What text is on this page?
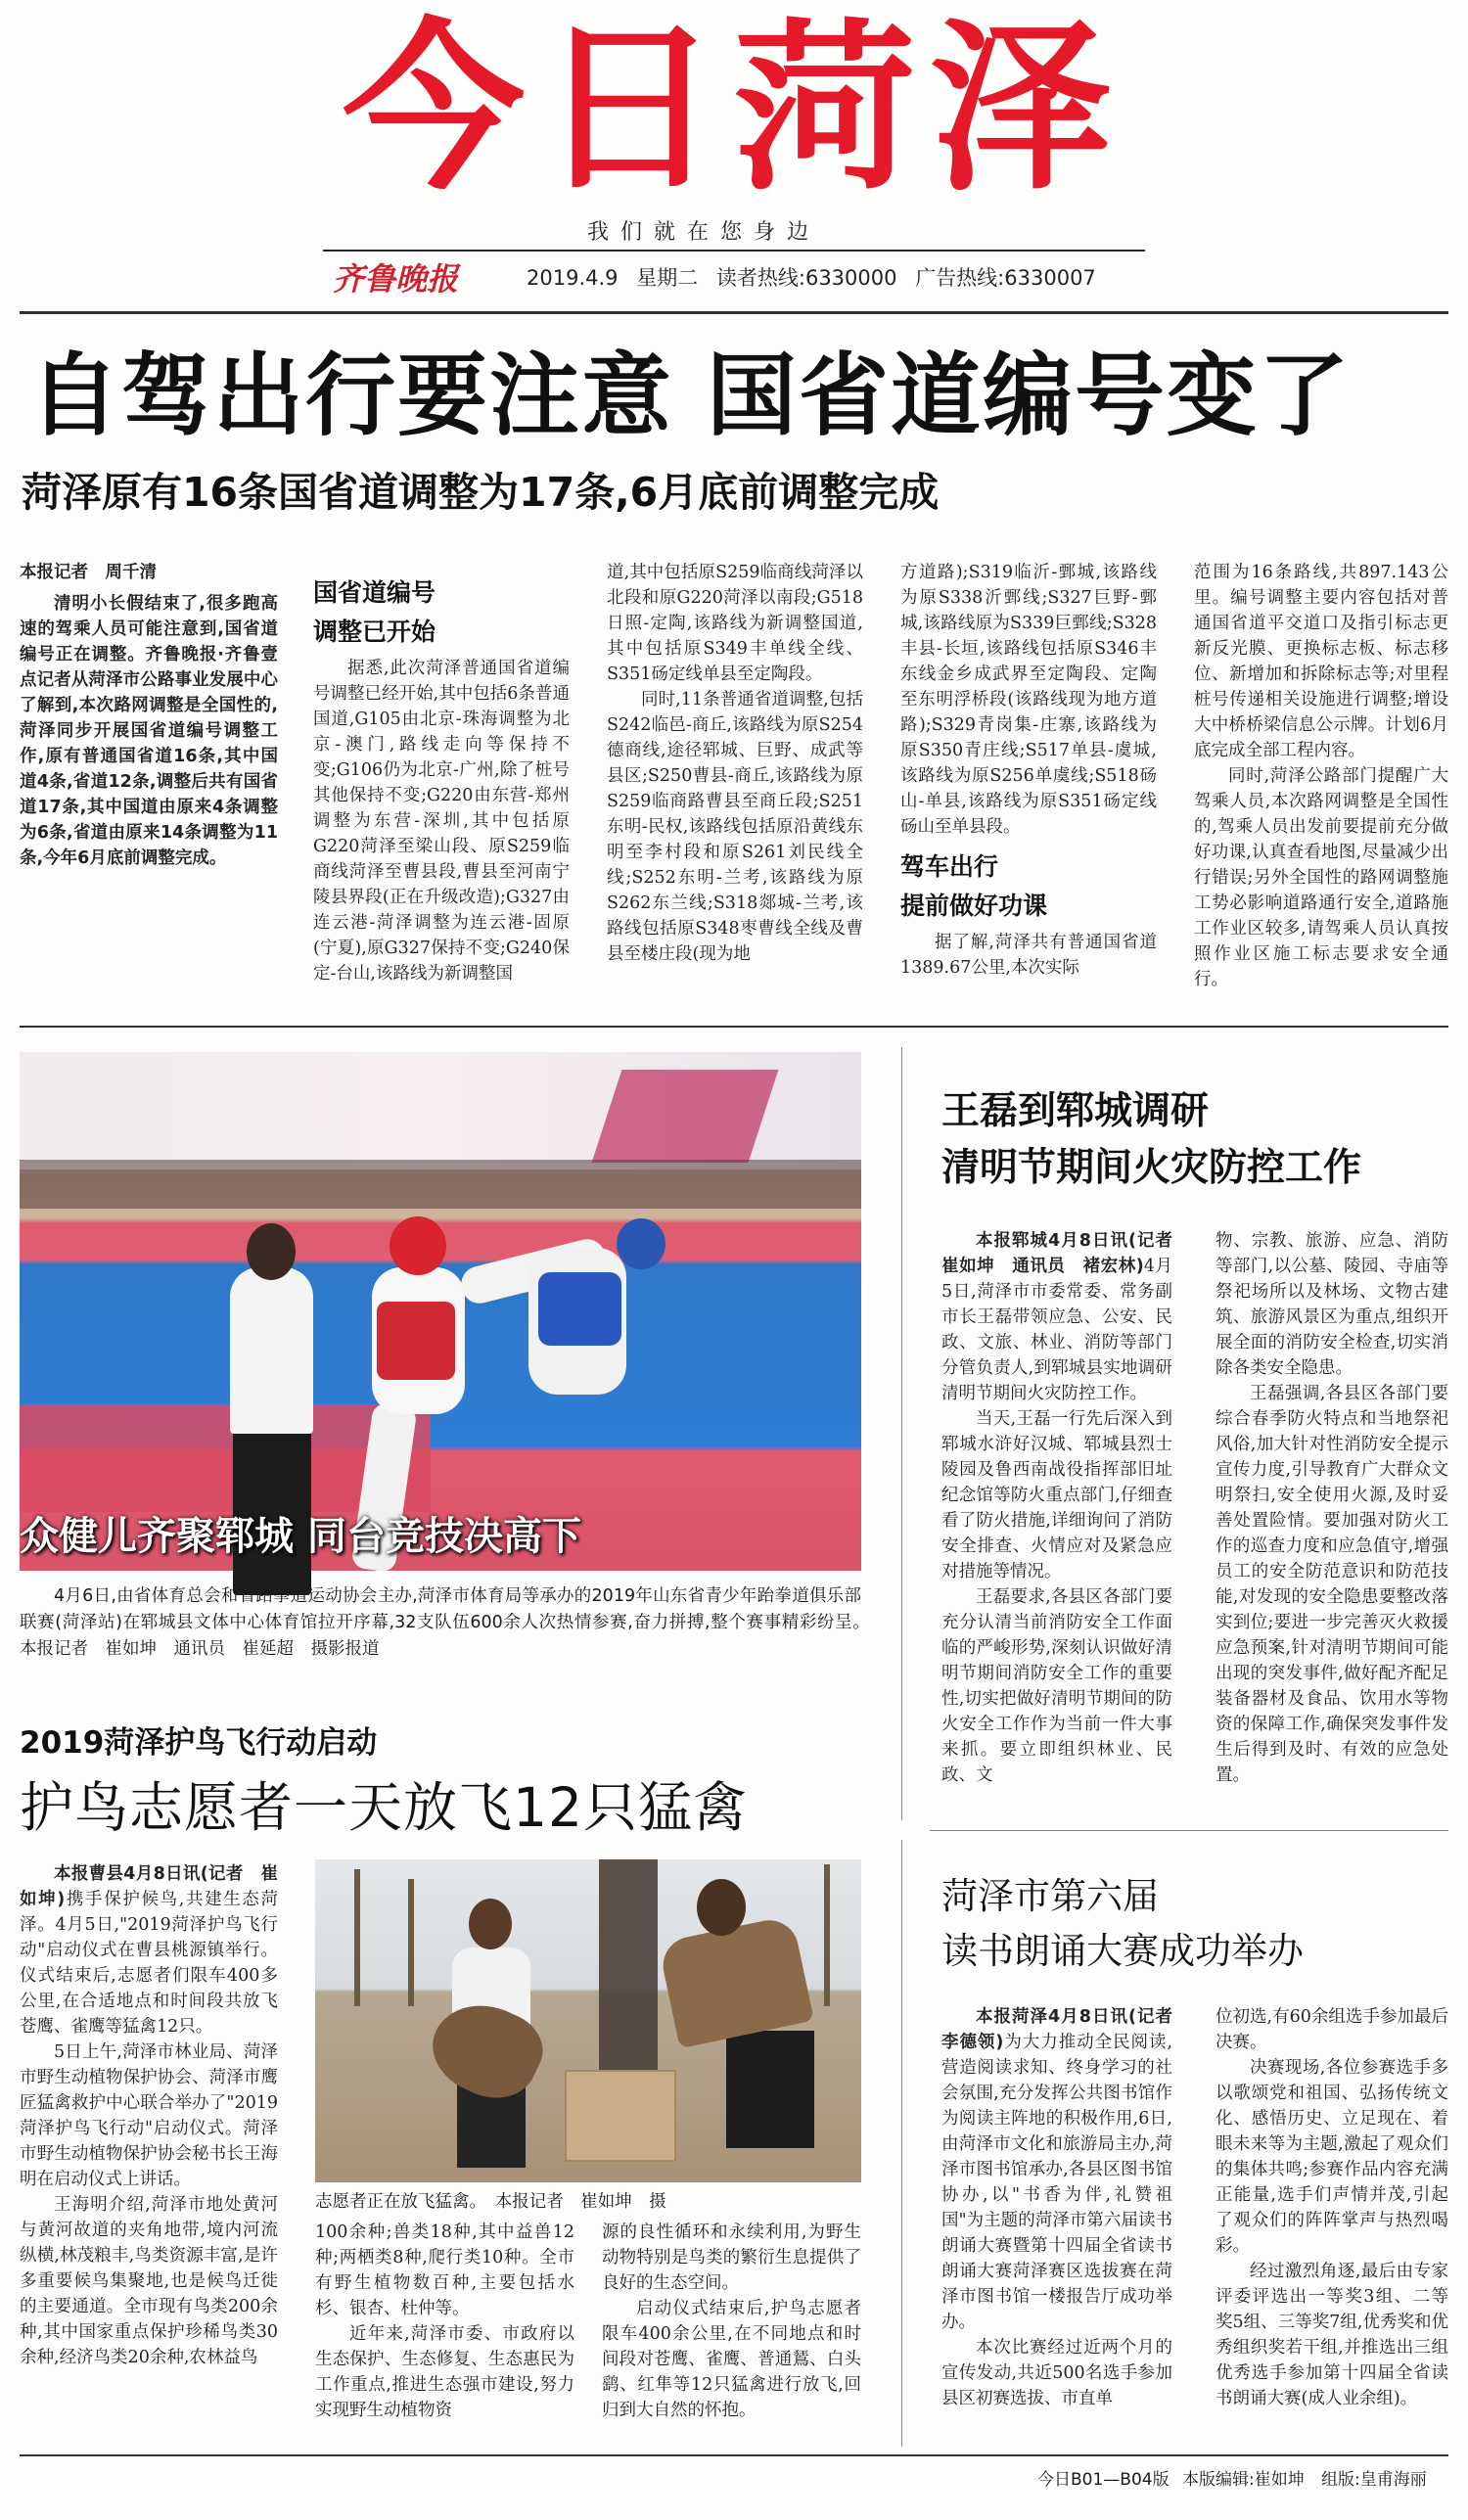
今日菏泽
我们就在您身边
齐鲁晚报	2019.4.9 星期二 读者热线:6330000 广告热线:6330007
自驾出行要注意 国省道编号变了
菏泽原有16条国省道调整为17条,6月底前调整完成
本报记者　周千清

清明小长假结束了,很多跑高速的驾乘人员可能注意到,国省道编号正在调整。齐鲁晚报·齐鲁壹点记者从菏泽市公路事业发展中心了解到,本次路网调整是全国性的,菏泽同步开展国省道编号调整工作,原有普通国省道16条,其中国道4条,省道12条,调整后共有国省道17条,其中国道由原来4条调整为6条,省道由原来14条调整为11条,今年6月底前调整完成。

国省道编号
调整已开始

据悉,此次菏泽普通国省道编号调整已经开始,其中包括6条普通国道,G105由北京-珠海调整为北京-澳门,路线走向等保持不变;G106仍为北京-广州,除了桩号其他保持不变;G220由东营-郑州调整为东营-深圳,其中包括原G220菏泽至梁山段、原S259临商线菏泽至曹县段,曹县至河南宁陵县界段(正在升级改造);G327由连云港-菏泽调整为连云港-固原(宁夏),原G327保持不变;G240保定-台山,该路线为新调整国

道,其中包括原S259临商线菏泽以北段和原G220菏泽以南段;G518日照-定陶,该路线为新调整国道,其中包括原S349丰单线全线、S351砀定线单县至定陶段。

同时,11条普通省道调整,包括S242临邑-商丘,该路线为原S254德商线,途径郓城、巨野、成武等县区;S250曹县-商丘,该路线为原S259临商路曹县至商丘段;S251东明-民权,该路线包括原沿黄线东明至李村段和原S261刘民线全线;S252东明-兰考,该路线为原S262东兰线;S318郯城-兰考,该路线包括原S348枣曹线全线及曹县至楼庄段(现为地

方道路);S319临沂-鄄城,该路线为原S338沂鄄线;S327巨野-鄄城,该路线原为S339巨鄄线;S328丰县-长垣,该路线包括原S346丰东线金乡成武界至定陶段、定陶至东明浮桥段(该路线现为地方道路);S329青岗集-庄寨,该路线为原S350青庄线;S517单县-虞城,该路线为原S256单虞线;S518砀山-单县,该路线为原S351砀定线砀山至单县段。

驾车出行
提前做好功课

据了解,菏泽共有普通国省道1389.67公里,本次实际

范围为16条路线,共897.143公里。编号调整主要内容包括对普通国省道平交道口及指引标志更新反光膜、更换标志板、标志移位、新增加和拆除标志等;对里程桩号传递相关设施进行调整;增设大中桥桥梁信息公示牌。计划6月底完成全部工程内容。

同时,菏泽公路部门提醒广大驾乘人员,本次路网调整是全国性的,驾乘人员出发前要提前充分做好功课,认真查看地图,尽量减少出行错误;另外全国性的路网调整施工势必影响道路通行安全,道路施工作业区较多,请驾乘人员认真按照作业区施工标志要求安全通行。

众健儿齐聚郓城 同台竞技决高下
4月6日,由省体育总会和省跆拳道运动协会主办,菏泽市体育局等承办的2019年山东省青少年跆拳道俱乐部联赛(菏泽站)在郓城县文体中心体育馆拉开序幕,32支队伍600余人次热情参赛,奋力拼搏,整个赛事精彩纷呈。　本报记者　崔如坤　通讯员　崔延超　摄影报道
王磊到郓城调研
清明节期间火灾防控工作

本报郓城4月8日讯(记者　崔如坤　通讯员　褚宏林)4月5日,菏泽市市委常委、常务副市长王磊带领应急、公安、民政、文旅、林业、消防等部门分管负责人,到郓城县实地调研清明节期间火灾防控工作。

当天,王磊一行先后深入到郓城水浒好汉城、郓城县烈士陵园及鲁西南战役指挥部旧址纪念馆等防火重点部门,仔细查看了防火措施,详细询问了消防安全排查、火情应对及紧急应对措施等情况。

王磊要求,各县区各部门要充分认清当前消防安全工作面临的严峻形势,深刻认识做好清明节期间消防安全工作的重要性,切实把做好清明节期间的防火安全工作作为当前一件大事来抓。要立即组织林业、民政、文

物、宗教、旅游、应急、消防等部门,以公墓、陵园、寺庙等祭祀场所以及林场、文物古建筑、旅游风景区为重点,组织开展全面的消防安全检查,切实消除各类安全隐患。

王磊强调,各县区各部门要综合春季防火特点和当地祭祀风俗,加大针对性消防安全提示宣传力度,引导教育广大群众文明祭扫,安全使用火源,及时妥善处置险情。要加强对防火工作的巡查力度和应急值守,增强员工的安全防范意识和防范技能,对发现的安全隐患要整改落实到位;要进一步完善灭火救援应急预案,针对清明节期间可能出现的突发事件,做好配齐配足装备器材及食品、饮用水等物资的保障工作,确保突发事件发生后得到及时、有效的应急处置。

2019菏泽护鸟飞行动启动
护鸟志愿者一天放飞12只猛禽

本报曹县4月8日讯(记者　崔如坤)携手保护候鸟,共建生态菏泽。4月5日,"2019菏泽护鸟飞行动"启动仪式在曹县桃源镇举行。仪式结束后,志愿者们限车400多公里,在合适地点和时间段共放飞苍鹰、雀鹰等猛禽12只。

5日上午,菏泽市林业局、菏泽市野生动植物保护协会、菏泽市鹰匠猛禽救护中心联合举办了"2019菏泽护鸟飞行动"启动仪式。菏泽市野生动植物保护协会秘书长王海明在启动仪式上讲话。

王海明介绍,菏泽市地处黄河与黄河故道的夹角地带,境内河流纵横,林茂粮丰,鸟类资源丰富,是许多重要候鸟集聚地,也是候鸟迁徙的主要通道。全市现有鸟类200余种,其中国家重点保护珍稀鸟类30余种,经济鸟类20余种,农林益鸟

志愿者正在放飞猛禽。　本报记者　崔如坤　摄

100余种;兽类18种,其中益兽12种;两栖类8种,爬行类10种。全市有野生植物数百种,主要包括水杉、银杏、杜仲等。

近年来,菏泽市委、市政府以生态保护、生态修复、生态惠民为工作重点,推进生态强市建设,努力实现野生动植物资

源的良性循环和永续利用,为野生动物特别是鸟类的繁衍生息提供了良好的生态空间。

启动仪式结束后,护鸟志愿者限车400余公里,在不同地点和时间段对苍鹰、雀鹰、普通鵟、白头鹞、红隼等12只猛禽进行放飞,回归到大自然的怀抱。

菏泽市第六届
读书朗诵大赛成功举办

本报菏泽4月8日讯(记者　李德领)为大力推动全民阅读,营造阅读求知、终身学习的社会氛围,充分发挥公共图书馆作为阅读主阵地的积极作用,6日,由菏泽市文化和旅游局主办,菏泽市图书馆承办,各县区图书馆协办,以"书香为伴,礼赞祖国"为主题的菏泽市第六届读书朗诵大赛暨第十四届全省读书朗诵大赛菏泽赛区选拔赛在菏泽市图书馆一楼报告厅成功举办。

本次比赛经过近两个月的宣传发动,共近500名选手参加县区初赛选拔、市直单

位初选,有60余组选手参加最后决赛。

决赛现场,各位参赛选手多以歌颂党和祖国、弘扬传统文化、感悟历史、立足现在、着眼未来等为主题,激起了观众们的集体共鸣;参赛作品内容充满正能量,选手们声情并茂,引起了观众们的阵阵掌声与热烈喝彩。

经过激烈角逐,最后由专家评委评选出一等奖3组、二等奖5组、三等奖7组,优秀奖和优秀组织奖若干组,并推选出三组优秀选手参加第十四届全省读书朗诵大赛(成人业余组)。

今日B01—B04版 本版编辑:崔如坤 组版:皇甫海丽
